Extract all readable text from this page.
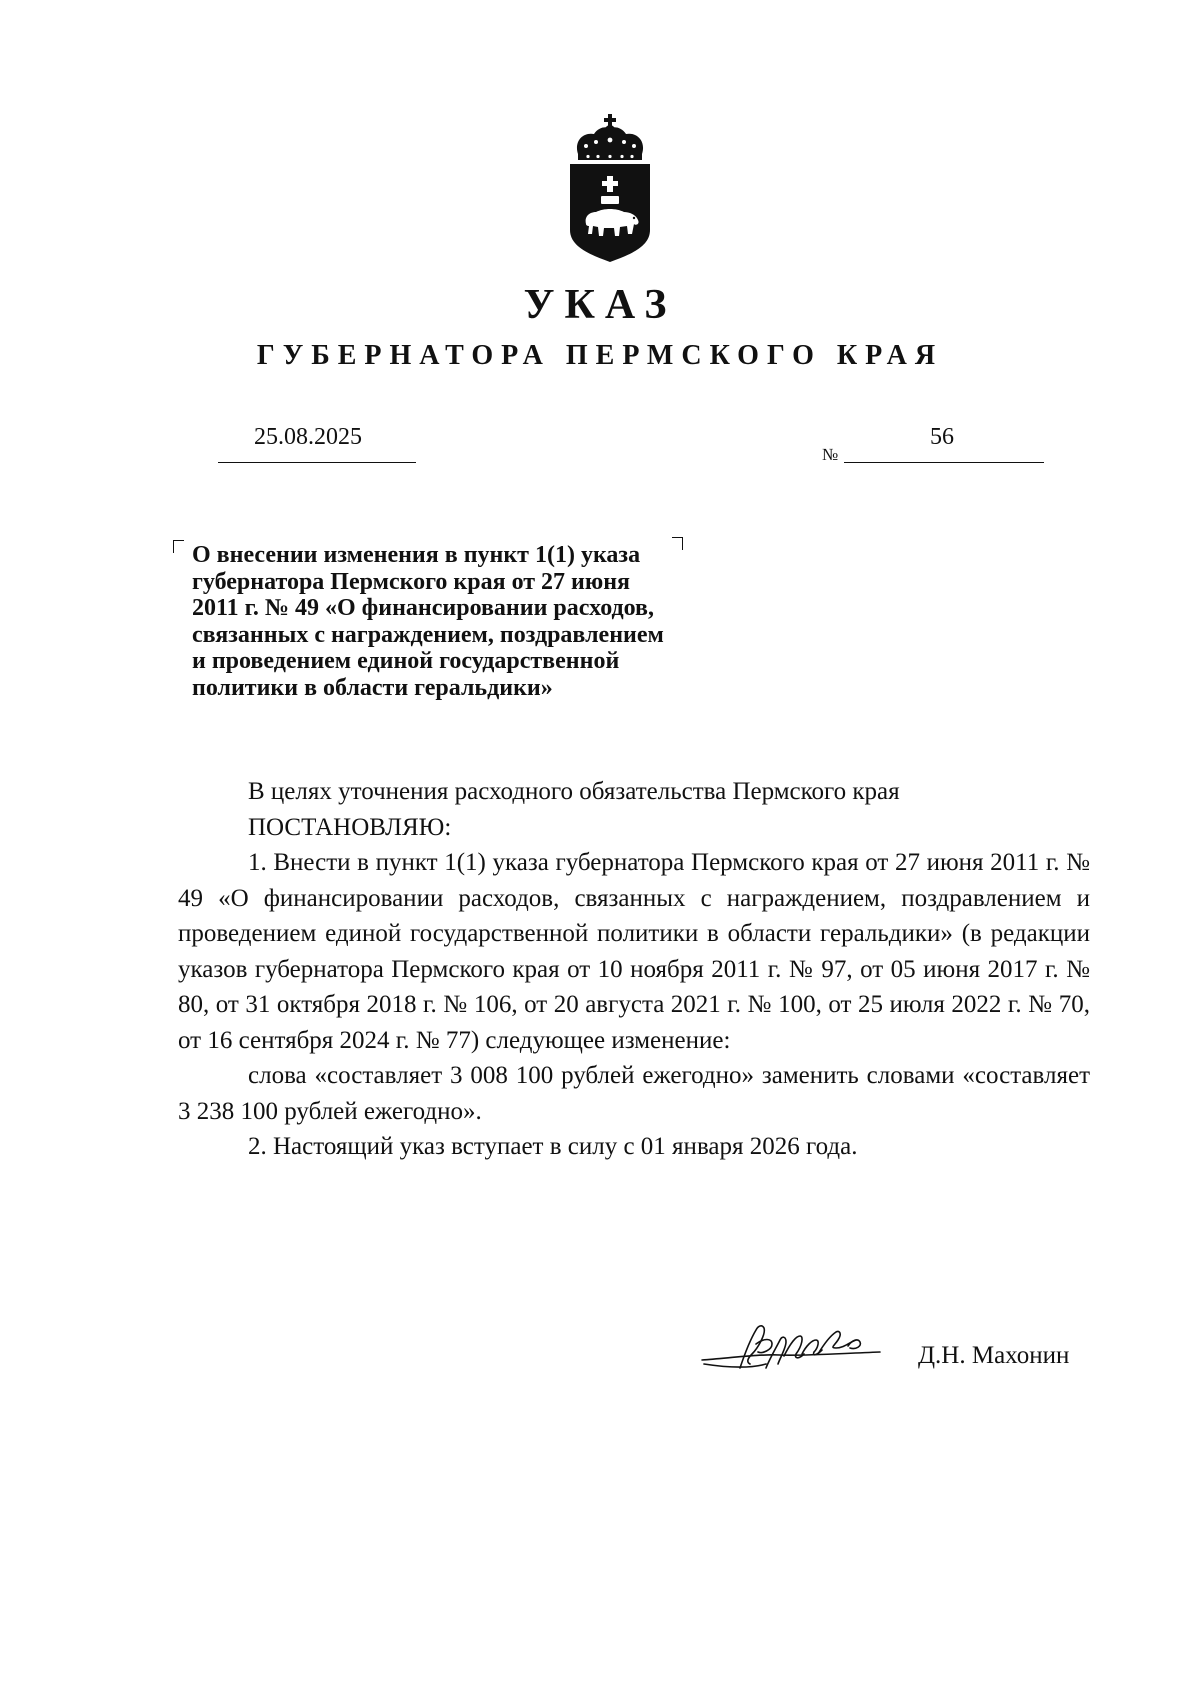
УКАЗ
ГУБЕРНАТОРА ПЕРМСКОГО КРАЯ
25.08.2025
№
56
О внесении изменения в пункт 1(1) указа
губернатора Пермского края от 27 июня
2011 г. № 49 «О финансировании расходов,
связанных с награждением, поздравлением
и проведением единой государственной
политики в области геральдики»

В целях уточнения расходного обязательства Пермского края

ПОСТАНОВЛЯЮ:

1. Внести в пункт 1(1) указа губернатора Пермского края от 27 июня 2011 г. № 49 «О финансировании расходов, связанных с награждением, поздравлением и проведением единой государственной политики в области геральдики» (в редакции указов губернатора Пермского края от 10 ноября 2011 г. № 97, от 05 июня 2017 г. № 80, от 31 октября 2018 г. № 106, от 20 августа 2021 г. № 100, от 25 июля 2022 г. № 70, от 16 сентября 2024 г. № 77) следующее изменение:

слова «составляет 3 008 100 рублей ежегодно» заменить словами «составляет 3 238 100 рублей ежегодно».

2. Настоящий указ вступает в силу с 01 января 2026 года.

Д.Н. Махонин
